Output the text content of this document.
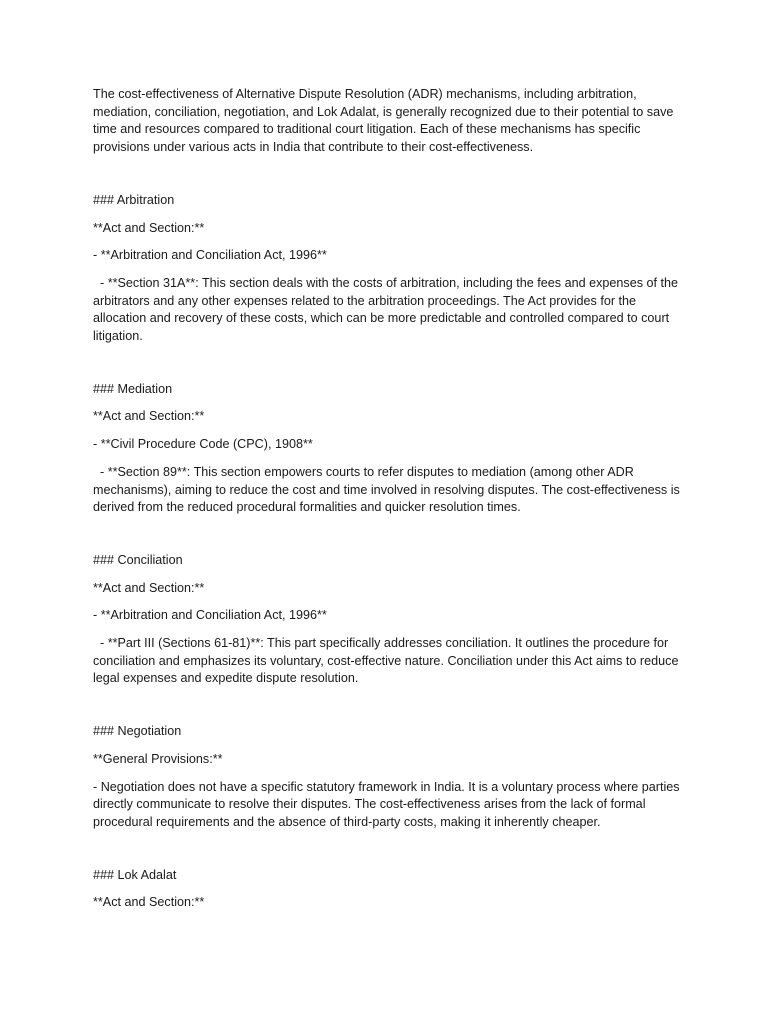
The cost-effectiveness of Alternative Dispute Resolution (ADR) mechanisms, including arbitration, mediation, conciliation, negotiation, and Lok Adalat, is generally recognized due to their potential to save time and resources compared to traditional court litigation. Each of these mechanisms has specific provisions under various acts in India that contribute to their cost-effectiveness.

### Arbitration

**Act and Section:**

- **Arbitration and Conciliation Act, 1996**

- **Section 31A**: This section deals with the costs of arbitration, including the fees and expenses of the arbitrators and any other expenses related to the arbitration proceedings. The Act provides for the allocation and recovery of these costs, which can be more predictable and controlled compared to court litigation.

### Mediation

**Act and Section:**

- **Civil Procedure Code (CPC), 1908**

- **Section 89**: This section empowers courts to refer disputes to mediation (among other ADR mechanisms), aiming to reduce the cost and time involved in resolving disputes. The cost-effectiveness is derived from the reduced procedural formalities and quicker resolution times.

### Conciliation

**Act and Section:**

- **Arbitration and Conciliation Act, 1996**

- **Part III (Sections 61-81)**: This part specifically addresses conciliation. It outlines the procedure for conciliation and emphasizes its voluntary, cost-effective nature. Conciliation under this Act aims to reduce legal expenses and expedite dispute resolution.

### Negotiation

**General Provisions:**

- Negotiation does not have a specific statutory framework in India. It is a voluntary process where parties directly communicate to resolve their disputes. The cost-effectiveness arises from the lack of formal procedural requirements and the absence of third-party costs, making it inherently cheaper.

### Lok Adalat

**Act and Section:**
